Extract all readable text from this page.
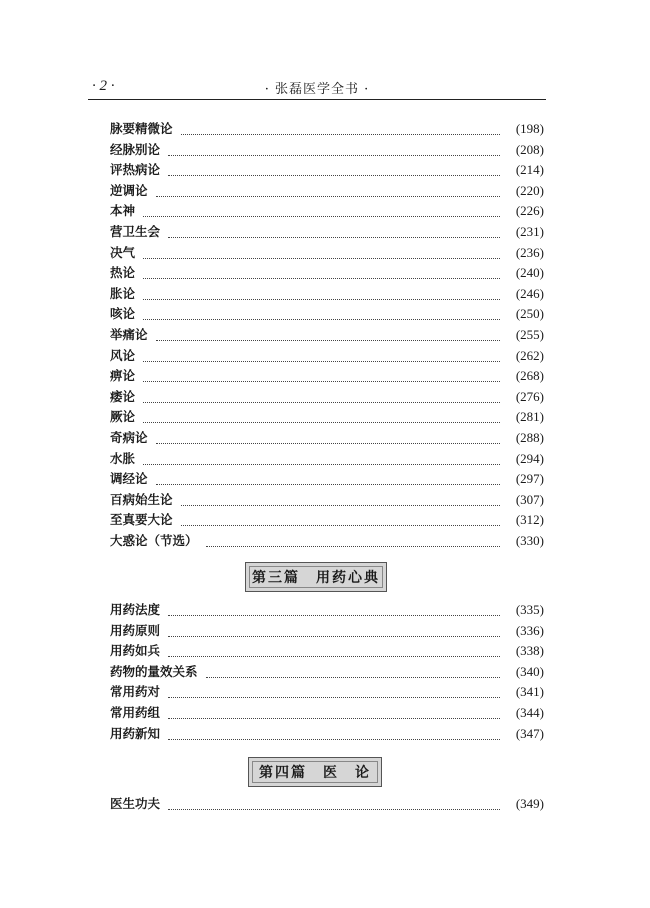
· 2 ·	· 张磊医学全书 ·
脉要精微论	(198)
经脉别论	(208)
评热病论	(214)
逆调论	(220)
本神	(226)
营卫生会	(231)
决气	(236)
热论	(240)
胀论	(246)
咳论	(250)
举痛论	(255)
风论	(262)
痹论	(268)
痿论	(276)
厥论	(281)
奇病论	(288)
水胀	(294)
调经论	(297)
百病始生论	(307)
至真要大论	(312)
大惑论（节选）	(330)
第三篇　用药心典
用药法度	(335)
用药原则	(336)
用药如兵	(338)
药物的量效关系	(340)
常用药对	(341)
常用药组	(344)
用药新知	(347)
第四篇　医　论
医生功夫	(349)
